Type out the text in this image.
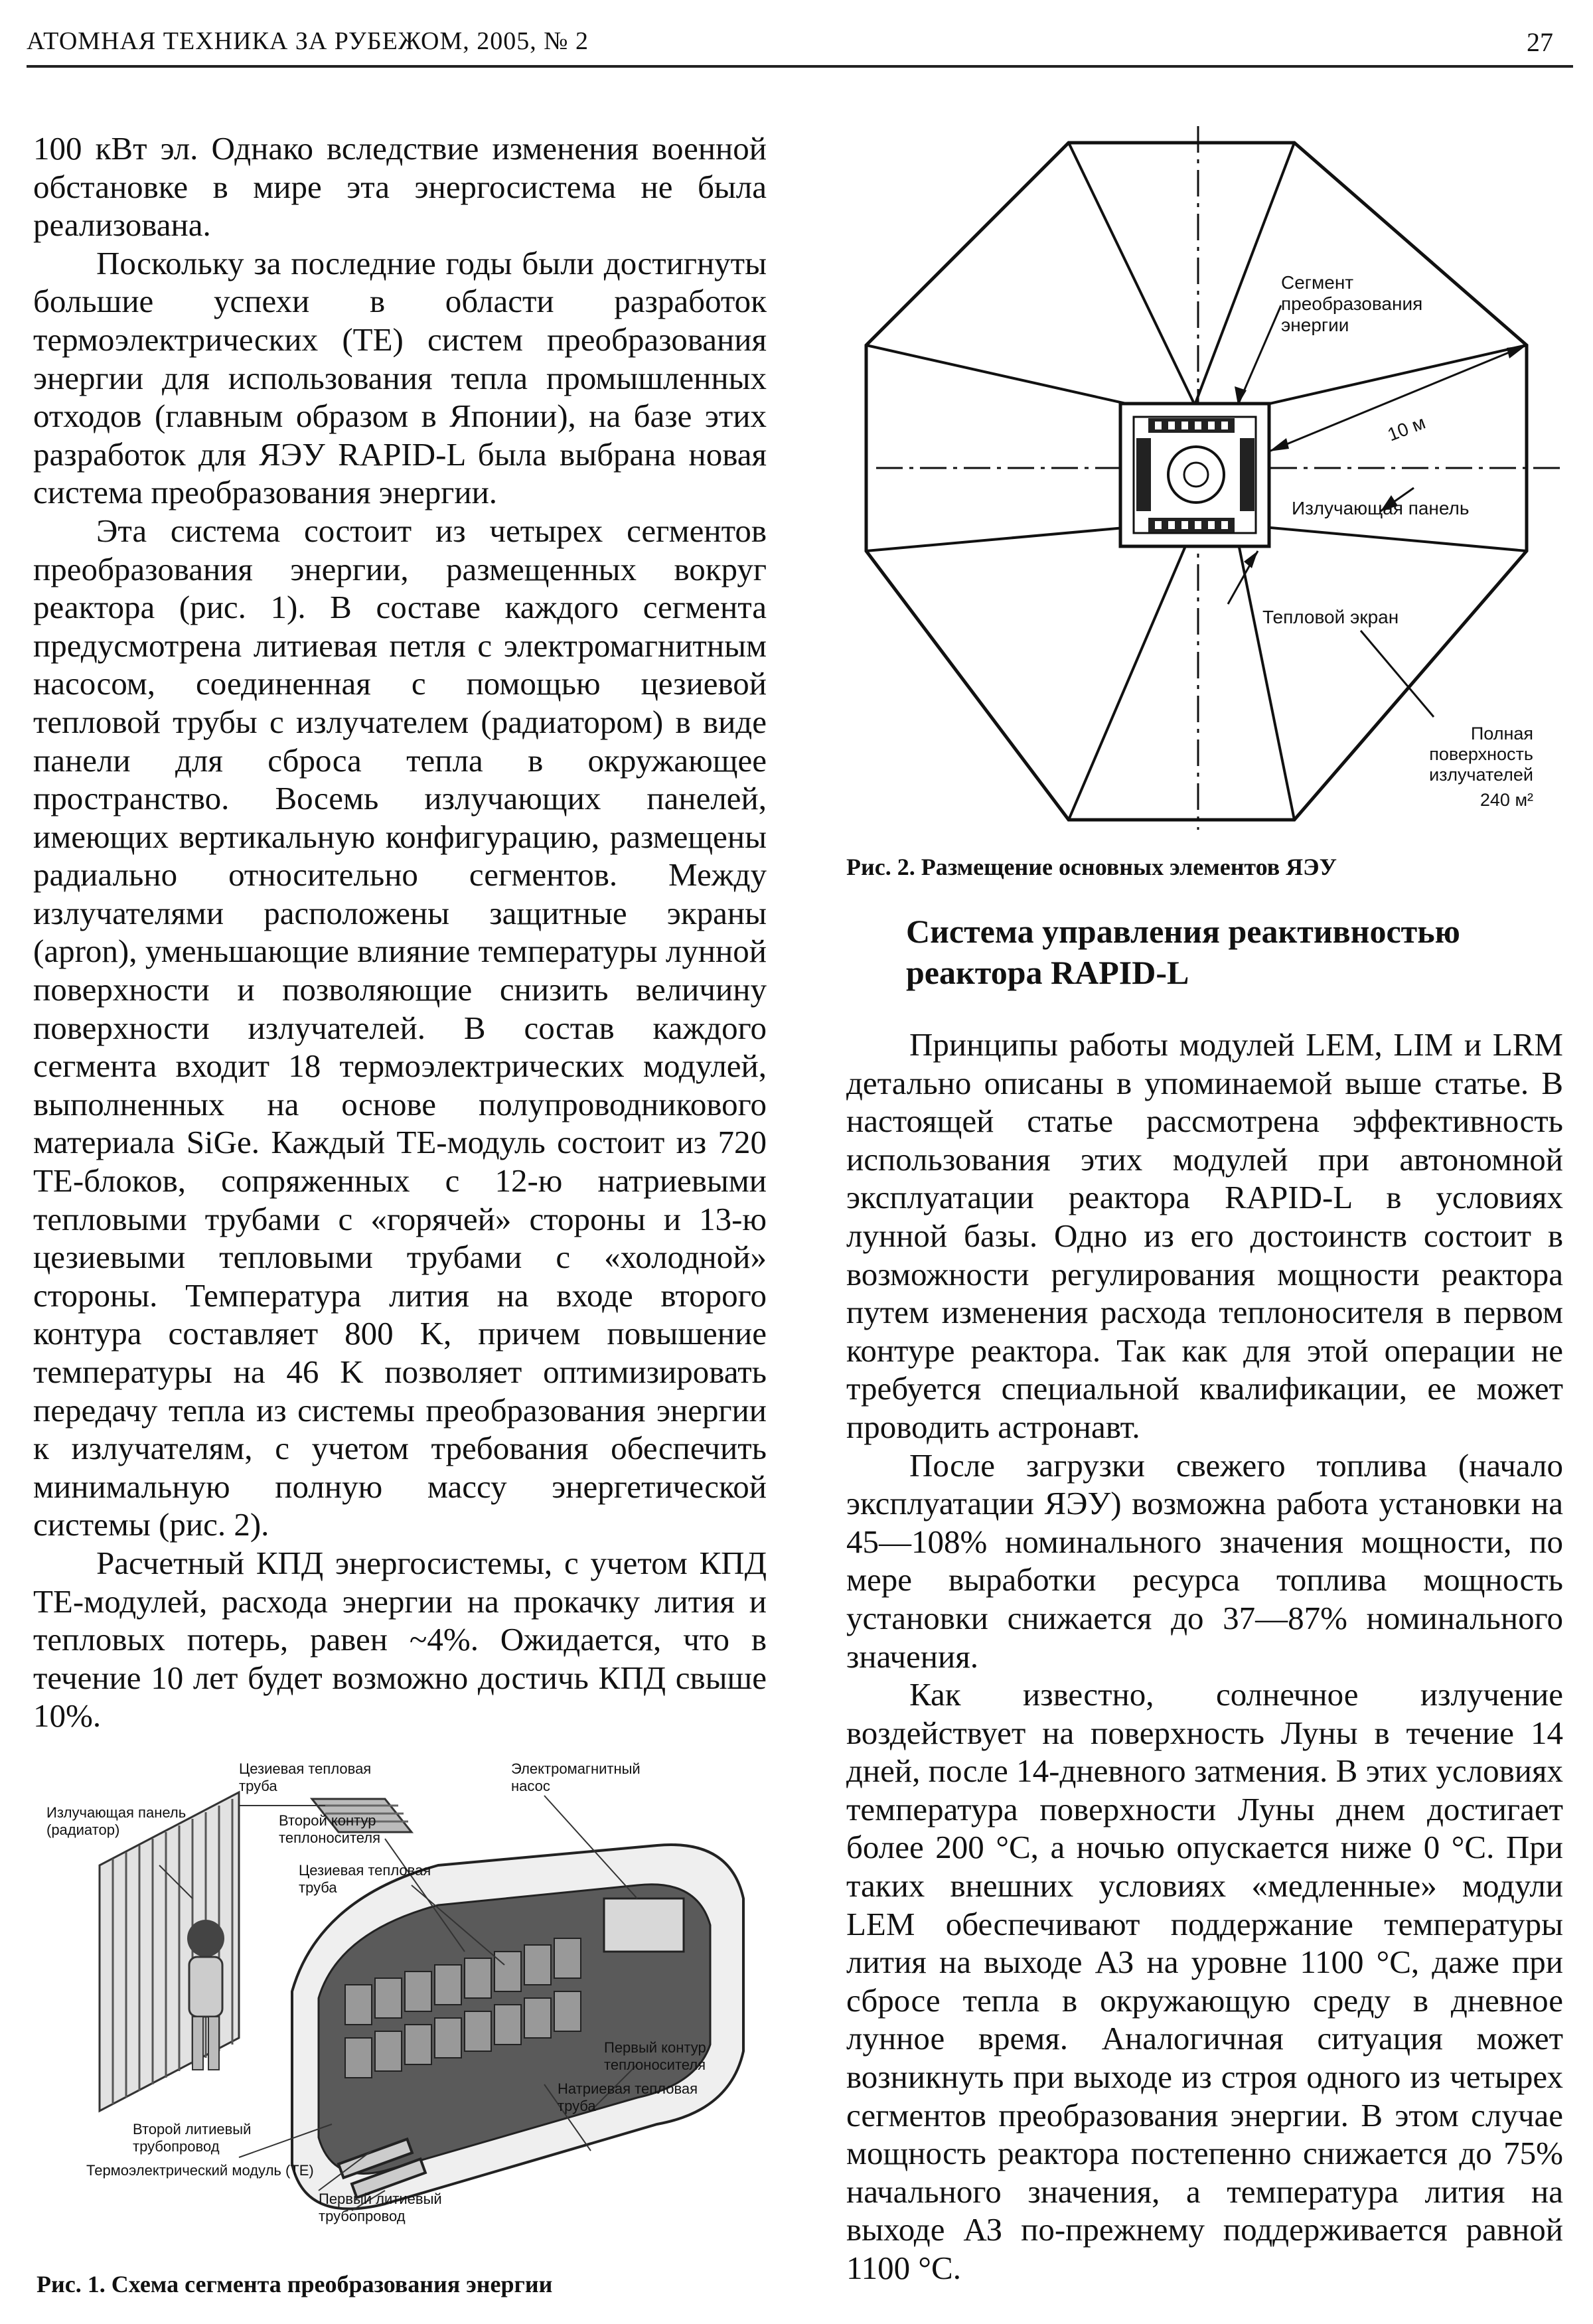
АТОМНАЯ ТЕХНИКА ЗА РУБЕЖОМ, 2005, № 2	27

100 кВт эл. Однако вследствие изменения военной обстановке в мире эта энергосистема не была реализована.

Поскольку за последние годы были достигнуты большие успехи в области разработок термоэлектрических (TE) систем преобразования энергии для использования тепла промышленных отходов (главным образом в Японии), на базе этих разработок для ЯЭУ RAPID-L была выбрана новая система преобразования энергии.

Эта система состоит из четырех сегментов преобразования энергии, размещенных вокруг реактора (рис. 1). В составе каждого сегмента предусмотрена литиевая петля с электромагнитным насосом, соединенная с помощью цезиевой тепловой трубы с излучателем (радиатором) в виде панели для сброса тепла в окружающее пространство. Восемь излучающих панелей, имеющих вертикальную конфигурацию, размещены радиально относительно сегментов. Между излучателями расположены защитные экраны (apron), уменьшающие влияние температуры лунной поверхности и позволяющие снизить величину поверхности излучателей. В состав каждого сегмента входит 18 термоэлектрических модулей, выполненных на основе полупроводникового материала SiGe. Каждый TE-модуль состоит из 720 TE-блоков, сопряженных с 12-ю натриевыми тепловыми трубами с «горячей» стороны и 13-ю цезиевыми тепловыми трубами с «холодной» стороны. Температура лития на входе второго контура составляет 800 K, причем повышение температуры на 46 K позволяет оптимизировать передачу тепла из системы преобразования энергии к излучателям, с учетом требования обеспечить минимальную полную массу энергетической системы (рис. 2).

Расчетный КПД энергосистемы, с учетом КПД TE-модулей, расхода энергии на прокачку лития и тепловых потерь, равен ~4%. Ожидается, что в течение 10 лет будет возможно достичь КПД свыше 10%.

Цезиевая тепловая труба
Электромагнитный насос
Излучающая панель (радиатор)
Второй контур теплоносителя
Цезиевая тепловая труба
Первый контур теплоносителя
Натриевая тепловая труба
Второй литиевый трубопровод
Термоэлектрический модуль (TE)
Первый литиевый трубопровод
Рис. 1. Схема сегмента преобразования энергии
Сегмент преобразования энергии
10 м
Излучающая панель
Тепловой экран
Полная поверхность излучателей
240 м²
Рис. 2. Размещение основных элементов ЯЭУ
Система управления реактивностью реактора RAPID-L

Принципы работы модулей LEM, LIM и LRM детально описаны в упоминаемой выше статье. В настоящей статье рассмотрена эффективность использования этих модулей при автономной эксплуатации реактора RAPID-L в условиях лунной базы. Одно из его достоинств состоит в возможности регулирования мощности реактора путем изменения расхода теплоносителя в первом контуре реактора. Так как для этой операции не требуется специальной квалификации, ее может проводить астронавт.

После загрузки свежего топлива (начало эксплуатации ЯЭУ) возможна работа установки на 45—108% номинального значения мощности, по мере выработки ресурса топлива мощность установки снижается до 37—87% номинального значения.

Как известно, солнечное излучение воздействует на поверхность Луны в течение 14 дней, после 14-дневного затмения. В этих условиях температура поверхности Луны днем достигает более 200 °C, а ночью опускается ниже 0 °C. При таких внешних условиях «медленные» модули LEM обеспечивают поддержание температуры лития на выходе АЗ на уровне 1100 °C, даже при сбросе тепла в окружающую среду в дневное лунное время. Аналогичная ситуация может возникнуть при выходе из строя одного из четырех сегментов преобразования энергии. В этом случае мощность реактора постепенно снижается до 75% начального значения, а температура лития на выходе АЗ по-прежнему поддерживается равной 1100 °C.
